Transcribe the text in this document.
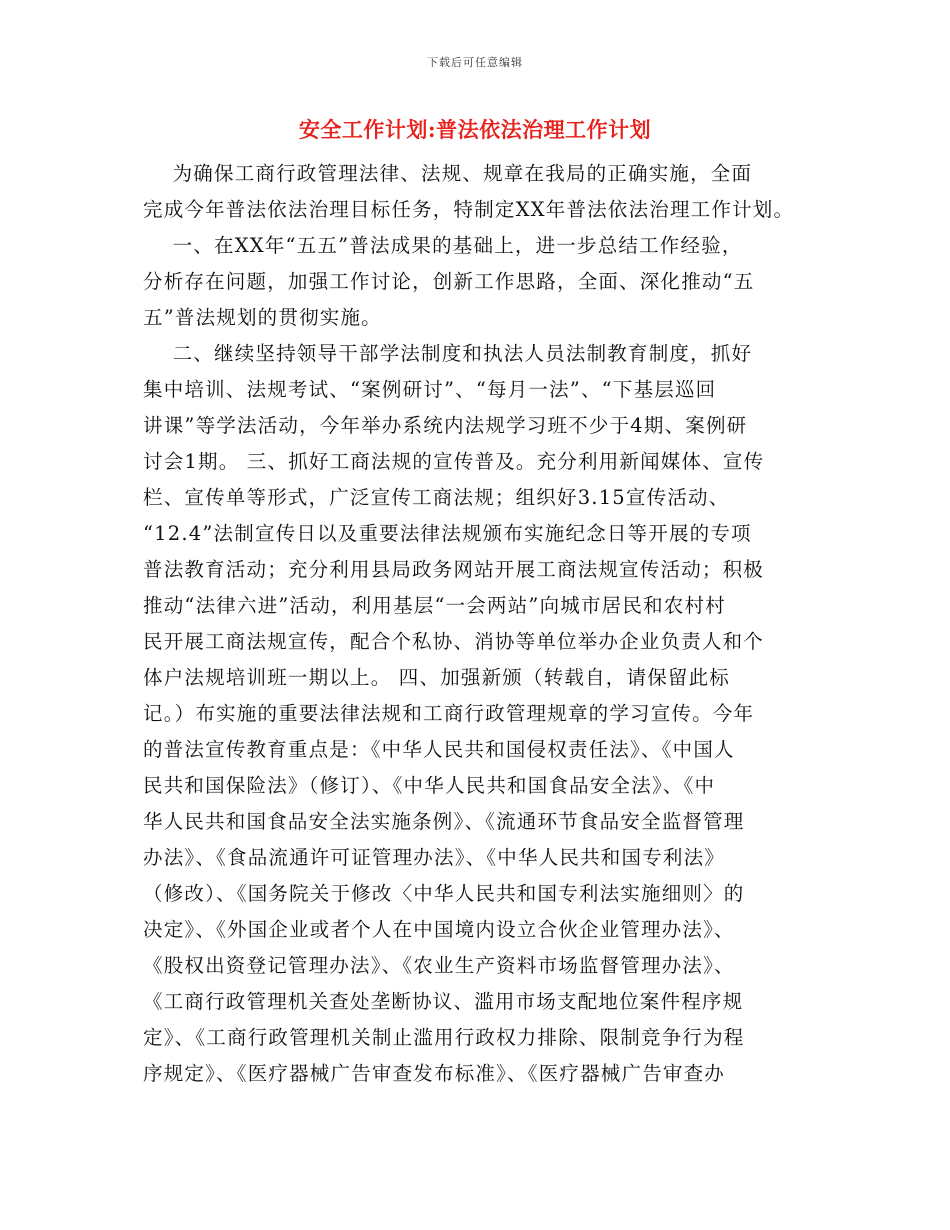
下载后可任意编辑
安全工作计划:普法依法治理工作计划
为确保工商行政管理法律、法规、规章在我局的正确实施，全面
完成今年普法依法治理目标任务，特制定XX年普法依法治理工作计划。
一、在XX年“五五”普法成果的基础上，进一步总结工作经验，
分析存在问题，加强工作讨论，创新工作思路，全面、深化推动“五
五”普法规划的贯彻实施。
二、继续坚持领导干部学法制度和执法人员法制教育制度，抓好
集中培训、法规考试、“案例研讨”、“每月一法”、“下基层巡回
讲课”等学法活动，今年举办系统内法规学习班不少于4期、案例研
讨会1期。 三、抓好工商法规的宣传普及。充分利用新闻媒体、宣传
栏、宣传单等形式，广泛宣传工商法规；组织好3.15宣传活动、
“12.4”法制宣传日以及重要法律法规颁布实施纪念日等开展的专项
普法教育活动；充分利用县局政务网站开展工商法规宣传活动；积极
推动“法律六进”活动，利用基层“一会两站”向城市居民和农村村
民开展工商法规宣传，配合个私协、消协等单位举办企业负责人和个
体户法规培训班一期以上。 四、加强新颁（转载自，请保留此标
记。）布实施的重要法律法规和工商行政管理规章的学习宣传。今年
的普法宣传教育重点是：《中华人民共和国侵权责任法》、《中国人
民共和国保险法》（修订）、《中华人民共和国食品安全法》、《中
华人民共和国食品安全法实施条例》、《流通环节食品安全监督管理
办法》、《食品流通许可证管理办法》、《中华人民共和国专利法》
（修改）、《国务院关于修改〈中华人民共和国专利法实施细则〉的
决定》、《外国企业或者个人在中国境内设立合伙企业管理办法》、
《股权出资登记管理办法》、《农业生产资料市场监督管理办法》、
《工商行政管理机关查处垄断协议、滥用市场支配地位案件程序规
定》、《工商行政管理机关制止滥用行政权力排除、限制竞争行为程
序规定》、《医疗器械广告审查发布标准》、《医疗器械广告审查办
